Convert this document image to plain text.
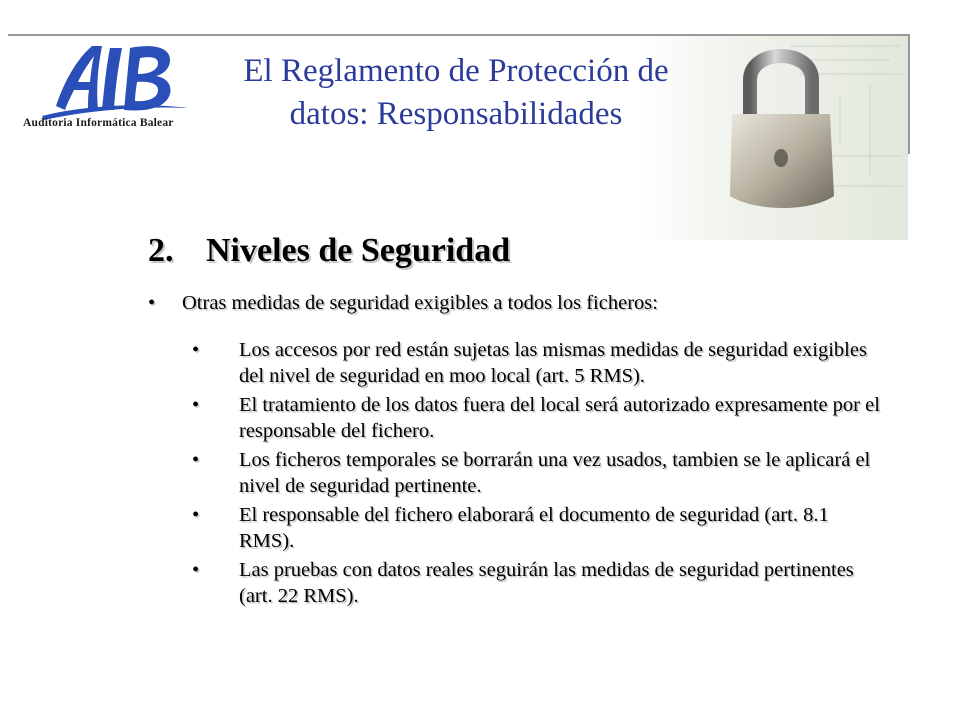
Auditoria Informática Balear
El Reglamento de Protección de
datos: Responsabilidades
2. Niveles de Seguridad
• Otras medidas de seguridad exigibles a todos los ficheros:
• Los accesos por red están sujetas las mismas medidas de seguridad exigibles del nivel de seguridad en moo local (art. 5 RMS).
• El tratamiento de los datos fuera del local será autorizado expresamente por el responsable del fichero.
• Los ficheros temporales se borrarán una vez usados, tambien se le aplicará el nivel de seguridad pertinente.
• El responsable del fichero elaborará el documento de seguridad (art. 8.1 RMS).
• Las pruebas con datos reales seguirán las medidas de seguridad pertinentes (art. 22 RMS).
